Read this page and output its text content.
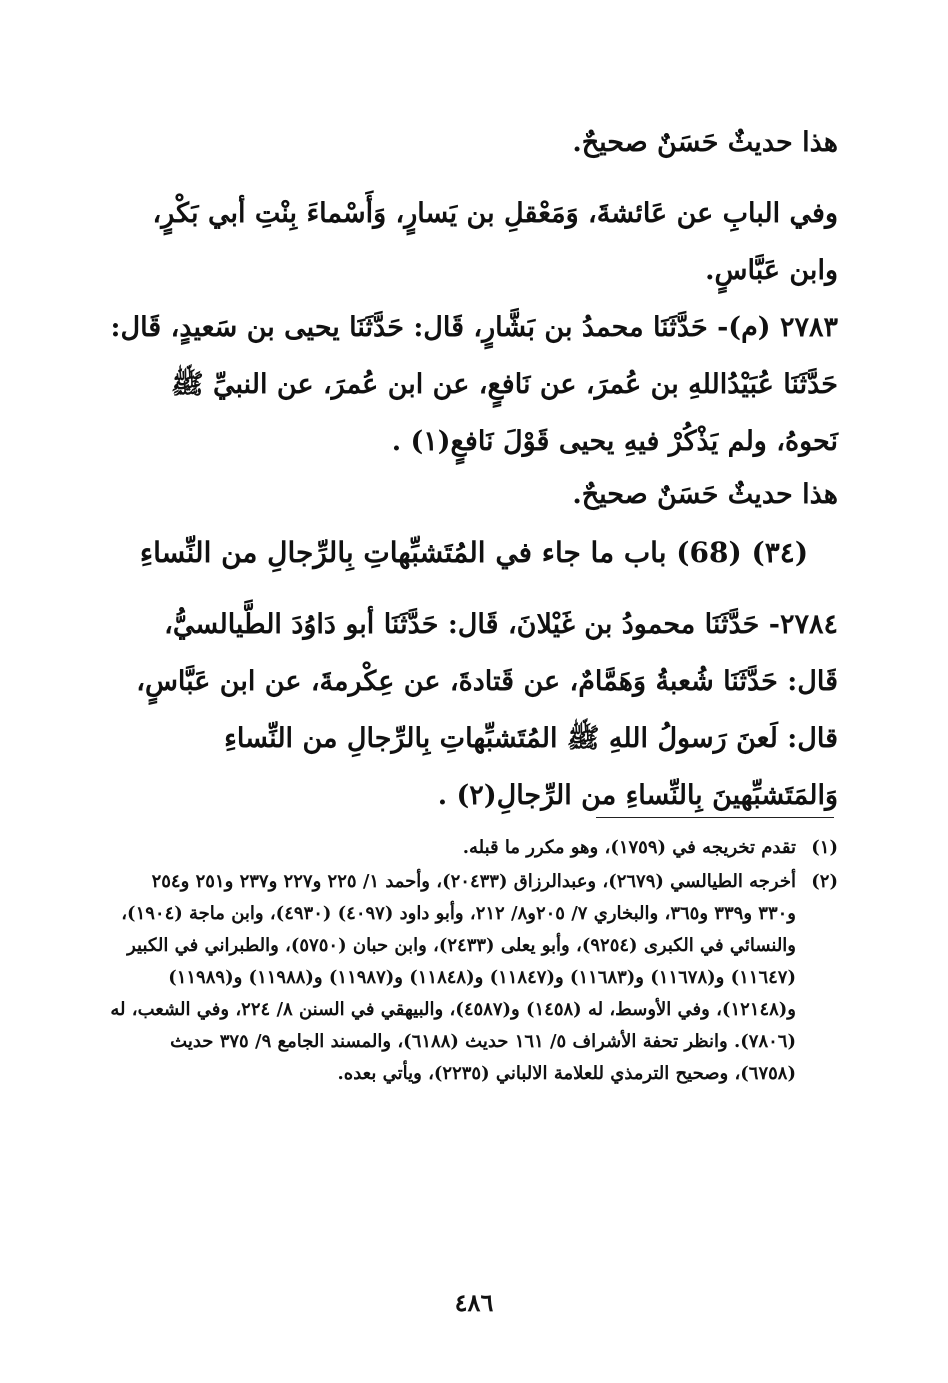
هذا حديثٌ حَسَنٌ صحيحٌ.

وفي البابِ عن عَائشةَ، وَمَعْقلِ بن يَسارٍ، وَأَسْماءَ بِنْتِ أبي بَكْرٍ، وابن عَبَّاسٍ.

٢٧٨٣ (م)- حَدَّثَنَا محمدُ بن بَشَّارٍ، قَال: حَدَّثَنَا يحيى بن سَعيدٍ، قَال: حَدَّثَنَا عُبَيْدُاللهِ بن عُمرَ، عن نَافعٍ، عن ابن عُمرَ، عن النبيِّ ﷺ نَحوهُ، ولم يَذْكُرْ فيهِ يحيى قَوْلَ نَافعٍ(١) .

هذا حديثٌ حَسَنٌ صحيحٌ.

(٣٤) (68) باب ما جاء في المُتَشبِّهاتِ بِالرِّجالِ من النِّساءِ

٢٧٨٤- حَدَّثَنَا محمودُ بن غَيْلانَ، قَال: حَدَّثَنَا أبو دَاوُدَ الطَّيالسيُّ، قَال: حَدَّثَنَا شُعبةُ وَهَمَّامٌ، عن قَتادةَ، عن عِكْرمةَ، عن ابن عَبَّاسٍ، قال: لَعنَ رَسولُ اللهِ ﷺ المُتَشبِّهاتِ بِالرِّجالِ من النِّساءِ وَالمَتَشبِّهينَ بِالنِّساءِ من الرِّجالِ(٢) .

(١)
تقدم تخريجه في (١٧٥٩)، وهو مكرر ما قبله.
(٢)
أخرجه الطيالسي (٢٦٧٩)، وعبدالرزاق (٢٠٤٣٣)، وأحمد ١/ ٢٢٥ و٢٢٧ و٢٣٧ و٢٥١ و٢٥٤ و٣٣٠ و٣٣٩ و٣٦٥، والبخاري ٧/ ٢٠٥و٨/ ٢١٢، وأبو داود (٤٠٩٧) (٤٩٣٠)، وابن ماجة (١٩٠٤)، والنسائي في الكبرى (٩٢٥٤)، وأبو يعلى (٢٤٣٣)، وابن حبان (٥٧٥٠)، والطبراني في الكبير (١١٦٤٧) و(١١٦٧٨) و(١١٦٨٣) و(١١٨٤٧) و(١١٨٤٨) و(١١٩٨٧) و(١١٩٨٨) و(١١٩٨٩) و(١٢١٤٨)، وفي الأوسط، له (١٤٥٨) و(٤٥٨٧)، والبيهقي في السنن ٨/ ٢٢٤، وفي الشعب، له (٧٨٠٦). وانظر تحفة الأشراف ٥/ ١٦١ حديث (٦١٨٨)، والمسند الجامع ٩/ ٣٧٥ حديث (٦٧٥٨)، وصحيح الترمذي للعلامة الالباني (٢٢٣٥)، ويأتي بعده.
٤٨٦
